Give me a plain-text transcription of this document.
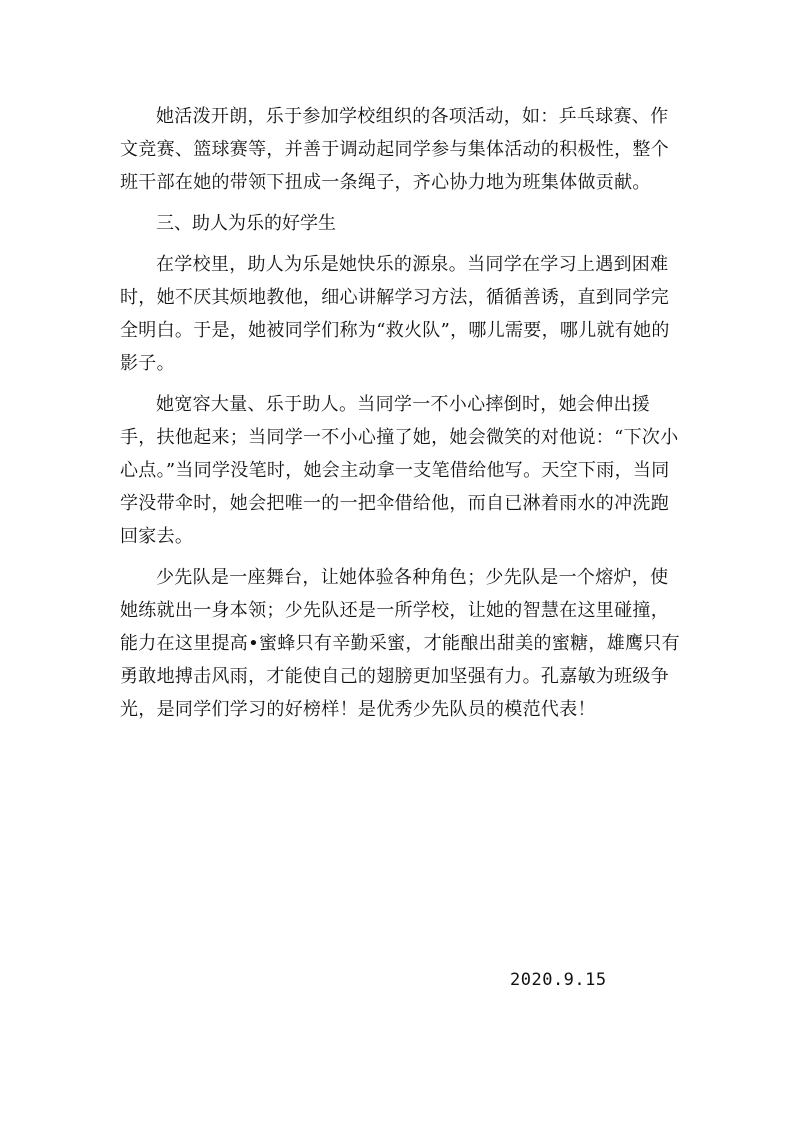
她活泼开朗，乐于参加学校组织的各项活动，如：乒乓球赛、作文竞赛、篮球赛等，并善于调动起同学参与集体活动的积极性，整个班干部在她的带领下扭成一条绳子，齐心协力地为班集体做贡献。

三、助人为乐的好学生

在学校里，助人为乐是她快乐的源泉。当同学在学习上遇到困难时，她不厌其烦地教他，细心讲解学习方法，循循善诱，直到同学完全明白。于是，她被同学们称为“救火队”，哪儿需要，哪儿就有她的影子。

她宽容大量、乐于助人。当同学一不小心摔倒时，她会伸出援手，扶他起来；当同学一不小心撞了她，她会微笑的对他说：“下次小心点。”当同学没笔时，她会主动拿一支笔借给他写。天空下雨，当同学没带伞时，她会把唯一的一把伞借给他，而自已淋着雨水的冲洗跑回家去。

少先队是一座舞台，让她体验各种角色；少先队是一个熔炉，使她练就出一身本领；少先队还是一所学校，让她的智慧在这里碰撞，能力在这里提高•蜜蜂只有辛勤采蜜，才能酿出甜美的蜜糖，雄鹰只有勇敢地搏击风雨，才能使自己的翅膀更加坚强有力。孔嘉敏为班级争光，是同学们学习的好榜样！是优秀少先队员的模范代表！

2020.9.15
